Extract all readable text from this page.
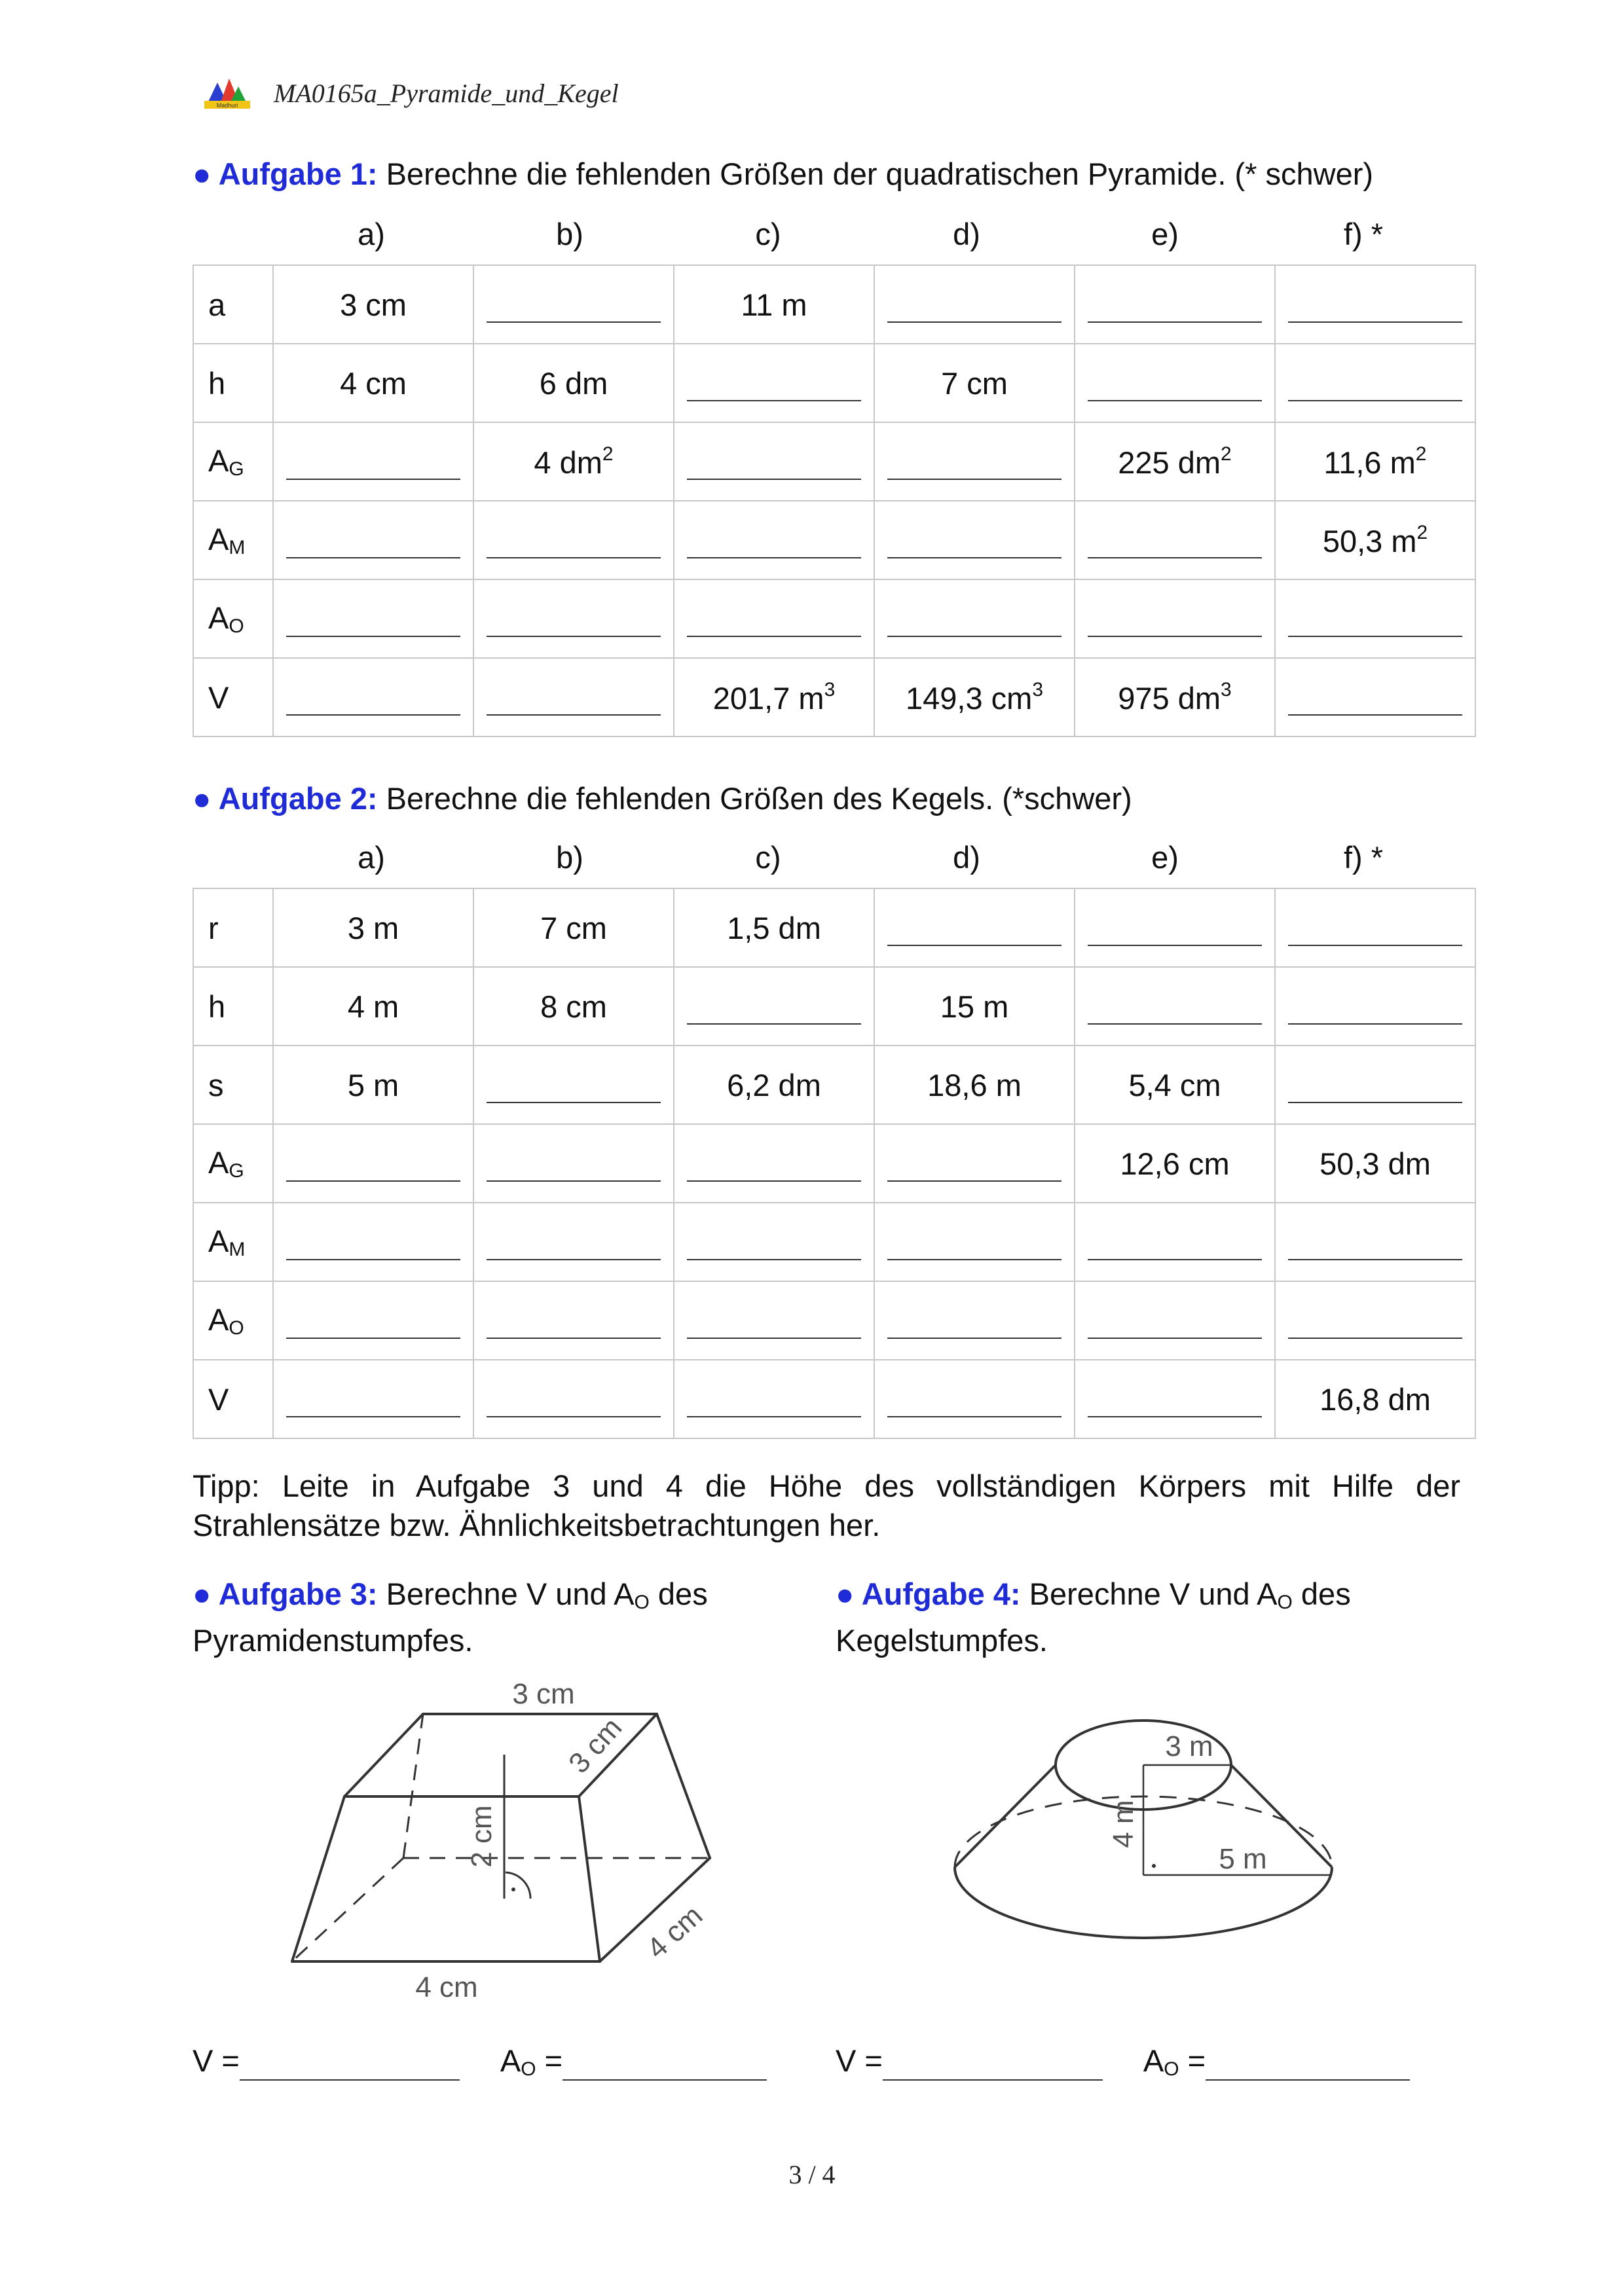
Madhuri MA0165a_Pyramide_und_Kegel
● Aufgabe 1: Berechne die fehlenden Größen der quadratischen Pyramide. (* schwer)
a)	b)	c)	d)	e)	f) *
a	3 cm		11 m			
h	4 cm	6 dm		7 cm		
$A_G$		4 $dm^2$			225 $dm^2$	11,6 $m^2$
$A_M$						50,3 $m^2$
$A_O$						
V			201,7 $m^3$	149,3 $cm^3$	975 $dm^3$	
● Aufgabe 2: Berechne die fehlenden Größen des Kegels. (*schwer)
a)	b)	c)	d)	e)	f) *
r	3 m	7 cm	1,5 dm			
h	4 m	8 cm		15 m		
s	5 m		6,2 dm	18,6 m	5,4 cm	
$A_G$					12,6 cm	50,3 dm
$A_M$						
$A_O$						
V						16,8 dm
Tipp: Leite in Aufgabe 3 und 4 die Höhe des vollständigen Körpers mit Hilfe der Strahlensätze bzw. Ähnlichkeitsbetrachtungen her.
● Aufgabe 3: Berechne V und $A_O$ des
Pyramidenstumpfes.
● Aufgabe 4: Berechne V und $A_O$ des
Kegelstumpfes.
3 cm
3 cm
2 cm
4 cm
4 cm
3 m
4 m
5 m
V =	$A_O$ =	V =	$A_O$ =
3 / 4
